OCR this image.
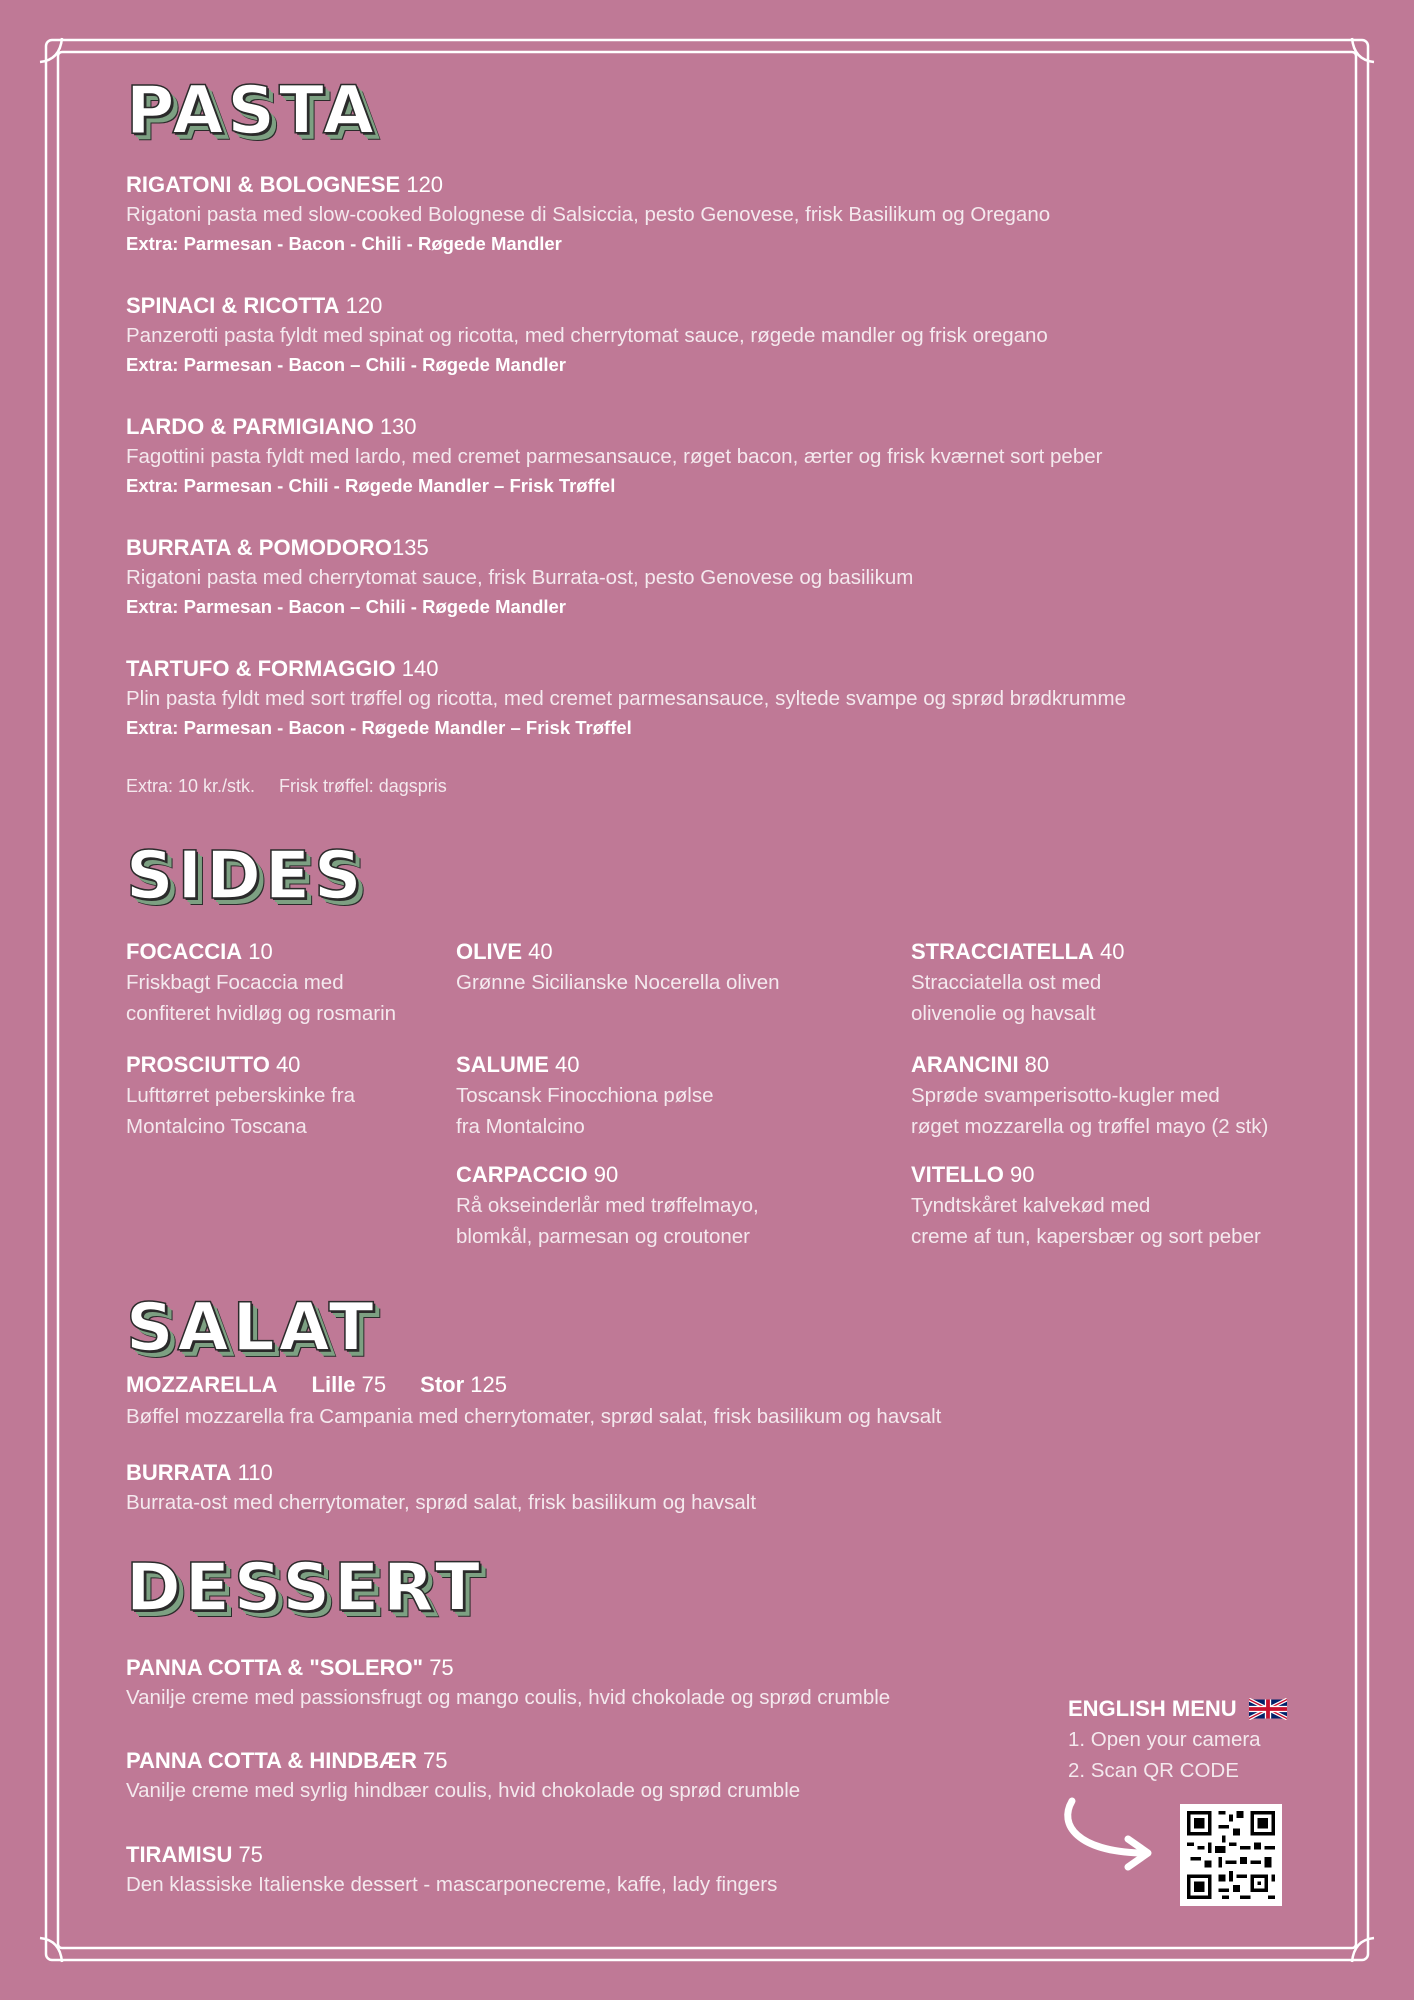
PASTA
RIGATONI & BOLOGNESE 120
Rigatoni pasta med slow-cooked Bolognese di Salsiccia, pesto Genovese, frisk Basilikum og Oregano
Extra: Parmesan - Bacon - Chili - Røgede Mandler
SPINACI & RICOTTA 120
Panzerotti pasta fyldt med spinat og ricotta, med cherrytomat sauce, røgede mandler og frisk oregano
Extra: Parmesan - Bacon – Chili - Røgede Mandler
LARDO & PARMIGIANO 130
Fagottini pasta fyldt med lardo, med cremet parmesansauce, røget bacon, ærter og frisk kværnet sort peber
Extra: Parmesan - Chili - Røgede Mandler – Frisk Trøffel
BURRATA & POMODORO135
Rigatoni pasta med cherrytomat sauce, frisk Burrata-ost, pesto Genovese og basilikum
Extra: Parmesan - Bacon – Chili - Røgede Mandler
TARTUFO & FORMAGGIO 140
Plin pasta fyldt med sort trøffel og ricotta, med cremet parmesansauce, syltede svampe og sprød brødkrumme
Extra: Parmesan - Bacon - Røgede Mandler – Frisk Trøffel
Extra: 10 kr./stk. Frisk trøffel: dagspris
SIDES
FOCACCIA 10
Friskbagt Focaccia med
confiteret hvidløg og rosmarin
OLIVE 40
Grønne Sicilianske Nocerella oliven
STRACCIATELLA 40
Stracciatella ost med
olivenolie og havsalt
PROSCIUTTO 40
Lufttørret peberskinke fra
Montalcino Toscana
SALUME 40
Toscansk Finocchiona pølse
fra Montalcino
ARANCINI 80
Sprøde svamperisotto-kugler med
røget mozzarella og trøffel mayo (2 stk)
CARPACCIO 90
Rå okseinderlår med trøffelmayo,
blomkål, parmesan og croutoner
VITELLO 90
Tyndtskåret kalvekød med
creme af tun, kapersbær og sort peber
SALAT
MOZZARELLA Lille 75 Stor 125
Bøffel mozzarella fra Campania med cherrytomater, sprød salat, frisk basilikum og havsalt
BURRATA 110
Burrata-ost med cherrytomater, sprød salat, frisk basilikum og havsalt
DESSERT
PANNA COTTA & "SOLERO" 75
Vanilje creme med passionsfrugt og mango coulis, hvid chokolade og sprød crumble
PANNA COTTA & HINDBÆR 75
Vanilje creme med syrlig hindbær coulis, hvid chokolade og sprød crumble
TIRAMISU 75
Den klassiske Italienske dessert - mascarponecreme, kaffe, lady fingers
ENGLISH MENU
1. Open your camera
2. Scan QR CODE
